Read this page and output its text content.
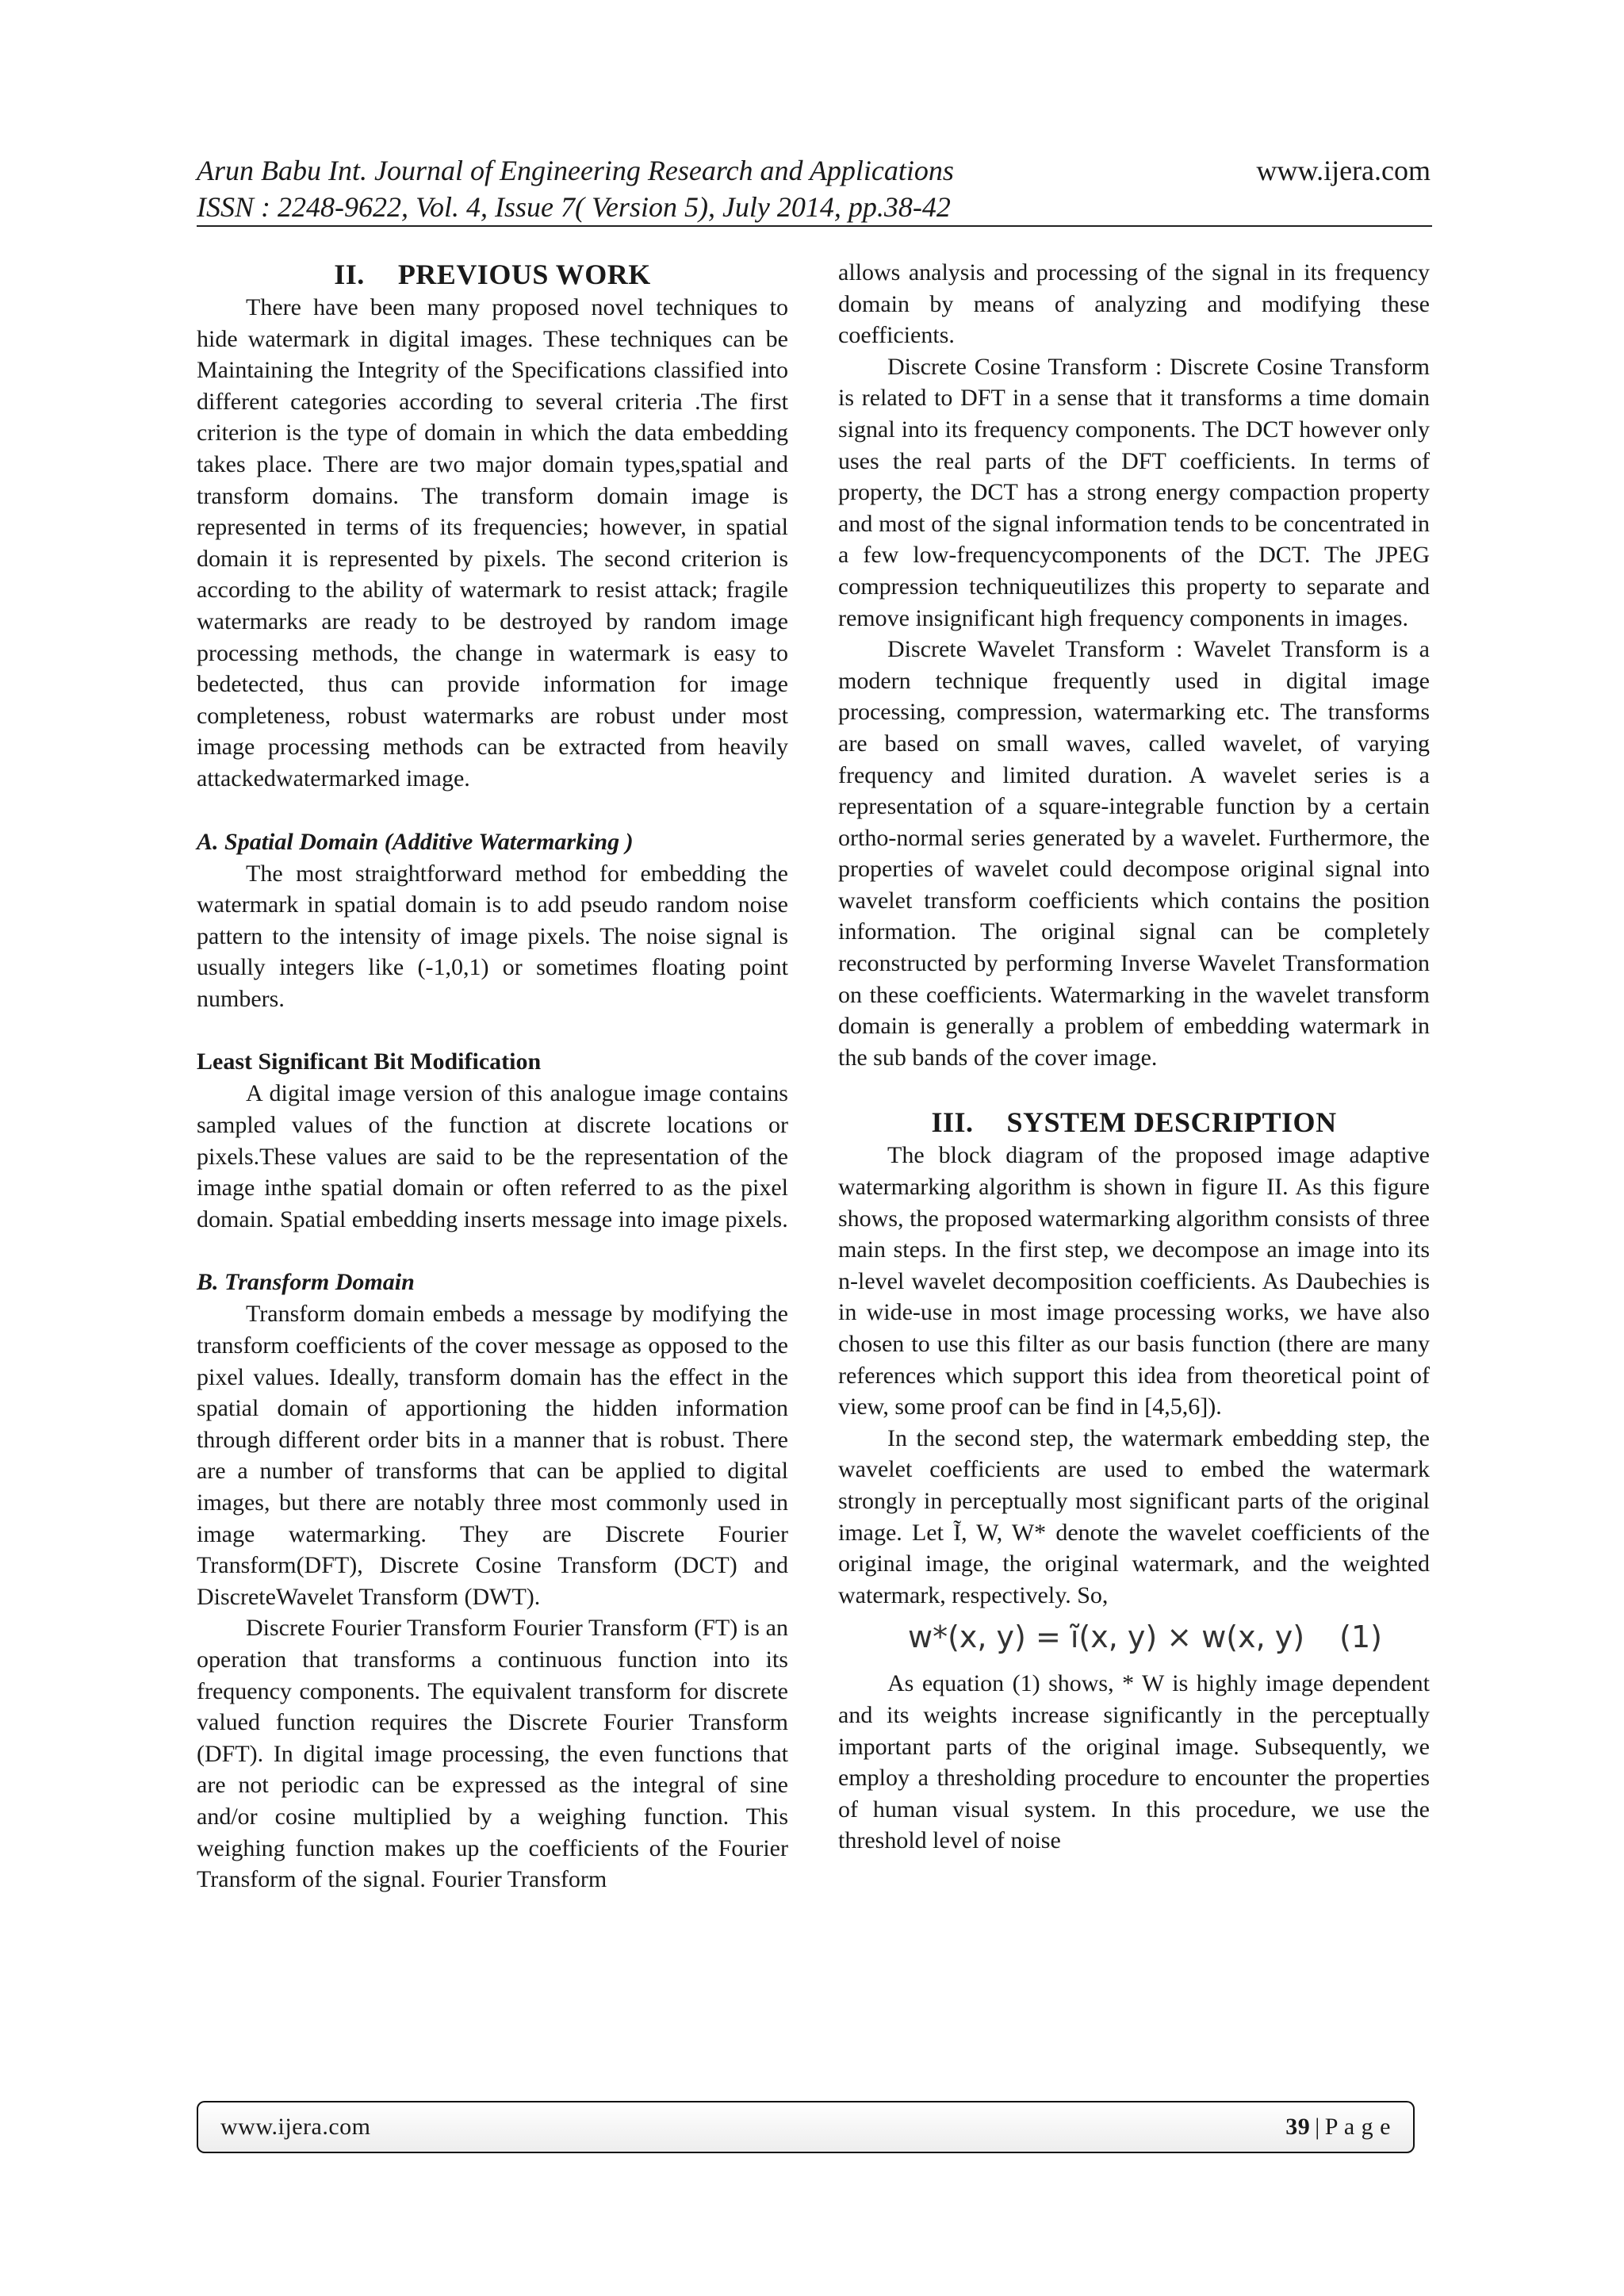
Arun Babu Int. Journal of Engineering Research and Applications	www.ijera.com
ISSN : 2248-9622, Vol. 4, Issue 7( Version 5), July 2014, pp.38-42
II. PREVIOUS WORK

There have been many proposed novel techniques to hide watermark in digital images. These techniques can be Maintaining the Integrity of the Specifications classified into different categories according to several criteria .The first criterion is the type of domain in which the data embedding takes place. There are two major domain types,spatial and transform domains. The transform domain image is represented in terms of its frequencies; however, in spatial domain it is represented by pixels. The second criterion is according to the ability of watermark to resist attack; fragile watermarks are ready to be destroyed by random image processing methods, the change in watermark is easy to bedetected, thus can provide information for image completeness, robust watermarks are robust under most image processing methods can be extracted from heavily attackedwatermarked image.

A. Spatial Domain (Additive Watermarking )

The most straightforward method for embedding the watermark in spatial domain is to add pseudo random noise pattern to the intensity of image pixels. The noise signal is usually integers like (-1,0,1) or sometimes floating point numbers.

Least Significant Bit Modification

A digital image version of this analogue image contains sampled values of the function at discrete locations or pixels.These values are said to be the representation of the image inthe spatial domain or often referred to as the pixel domain. Spatial embedding inserts message into image pixels.

B. Transform Domain

Transform domain embeds a message by modifying the transform coefficients of the cover message as opposed to the pixel values. Ideally, transform domain has the effect in the spatial domain of apportioning the hidden information through different order bits in a manner that is robust. There are a number of transforms that can be applied to digital images, but there are notably three most commonly used in image watermarking. They are Discrete Fourier Transform(DFT), Discrete Cosine Transform (DCT) and DiscreteWavelet Transform (DWT).

Discrete Fourier Transform Fourier Transform (FT) is an operation that transforms a continuous function into its frequency components. The equivalent transform for discrete valued function requires the Discrete Fourier Transform (DFT). In digital image processing, the even functions that are not periodic can be expressed as the integral of sine and/or cosine multiplied by a weighing function. This weighing function makes up the coefficients of the Fourier Transform of the signal. Fourier Transform

allows analysis and processing of the signal in its frequency domain by means of analyzing and modifying these coefficients.

Discrete Cosine Transform : Discrete Cosine Transform is related to DFT in a sense that it transforms a time domain signal into its frequency components. The DCT however only uses the real parts of the DFT coefficients. In terms of property, the DCT has a strong energy compaction property and most of the signal information tends to be concentrated in a few low-frequencycomponents of the DCT. The JPEG compression techniqueutilizes this property to separate and remove insignificant high frequency components in images.

Discrete Wavelet Transform : Wavelet Transform is a modern technique frequently used in digital image processing, compression, watermarking etc. The transforms are based on small waves, called wavelet, of varying frequency and limited duration. A wavelet series is a representation of a square-integrable function by a certain ortho-normal series generated by a wavelet. Furthermore, the properties of wavelet could decompose original signal into wavelet transform coefficients which contains the position information. The original signal can be completely reconstructed by performing Inverse Wavelet Transformation on these coefficients. Watermarking in the wavelet transform domain is generally a problem of embedding watermark in the sub bands of the cover image.

III. SYSTEM DESCRIPTION

The block diagram of the proposed image adaptive watermarking algorithm is shown in figure II. As this figure shows, the proposed watermarking algorithm consists of three main steps. In the first step, we decompose an image into its n-level wavelet decomposition coefficients. As Daubechies is in wide-use in most image processing works, we have also chosen to use this filter as our basis function (there are many references which support this idea from theoretical point of view, some proof can be find in [4,5,6]).

In the second step, the watermark embedding step, the wavelet coefficients are used to embed the watermark strongly in perceptually most significant parts of the original image. Let Ĩ, W, W* denote the wavelet coefficients of the original image, the original watermark, and the weighted watermark, respectively. So,

w*(x, y) = ĩ(x, y) × w(x, y) (1)

As equation (1) shows, * W is highly image dependent and its weights increase significantly in the perceptually important parts of the original image. Subsequently, we employ a thresholding procedure to encounter the properties of human visual system. In this procedure, we use the threshold level of noise

www.ijera.com	39 | P a g e
